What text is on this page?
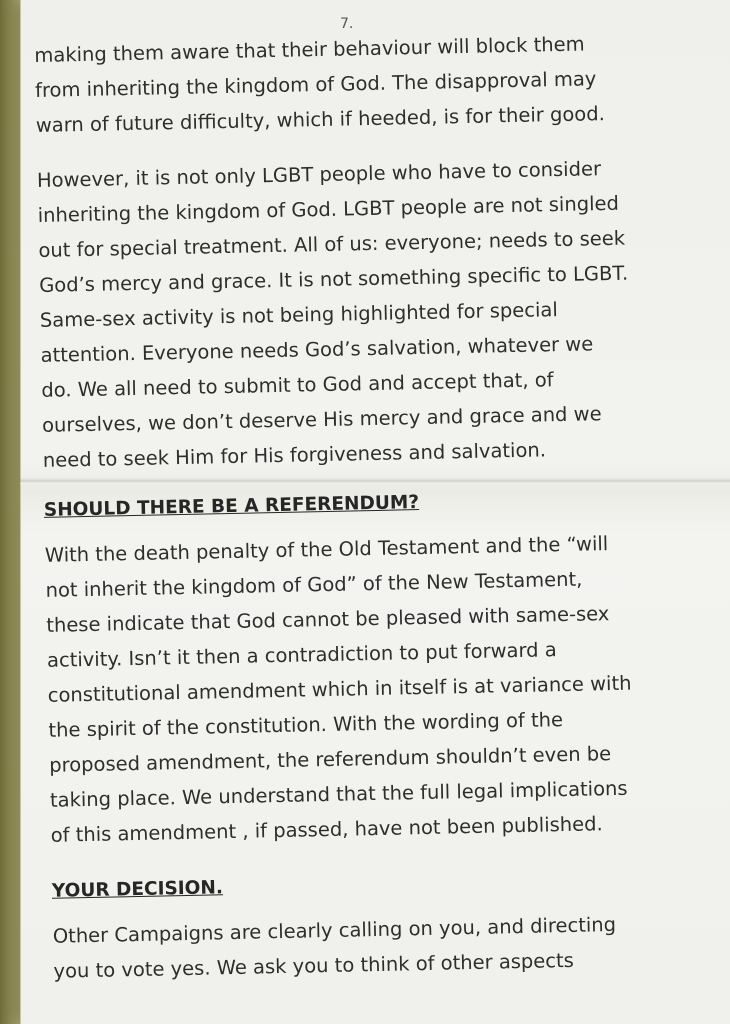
7.

making them aware that their behaviour will block them
from inheriting the kingdom of God. The disapproval may
warn of future difficulty, which if heeded, is for their good.

However, it is not only LGBT people who have to consider
inheriting the kingdom of God. LGBT people are not singled
out for special treatment. All of us: everyone; needs to seek
God’s mercy and grace. It is not something specific to LGBT.
Same-sex activity is not being highlighted for special
attention. Everyone needs God’s salvation, whatever we
do. We all need to submit to God and accept that, of
ourselves, we don’t deserve His mercy and grace and we
need to seek Him for His forgiveness and salvation.

SHOULD THERE BE A REFERENDUM?

With the death penalty of the Old Testament and the “will
not inherit the kingdom of God” of the New Testament,
these indicate that God cannot be pleased with same-sex
activity. Isn’t it then a contradiction to put forward a
constitutional amendment which in itself is at variance with
the spirit of the constitution. With the wording of the
proposed amendment, the referendum shouldn’t even be
taking place. We understand that the full legal implications
of this amendment , if passed, have not been published.

YOUR DECISION.

Other Campaigns are clearly calling on you, and directing
you to vote yes. We ask you to think of other aspects
